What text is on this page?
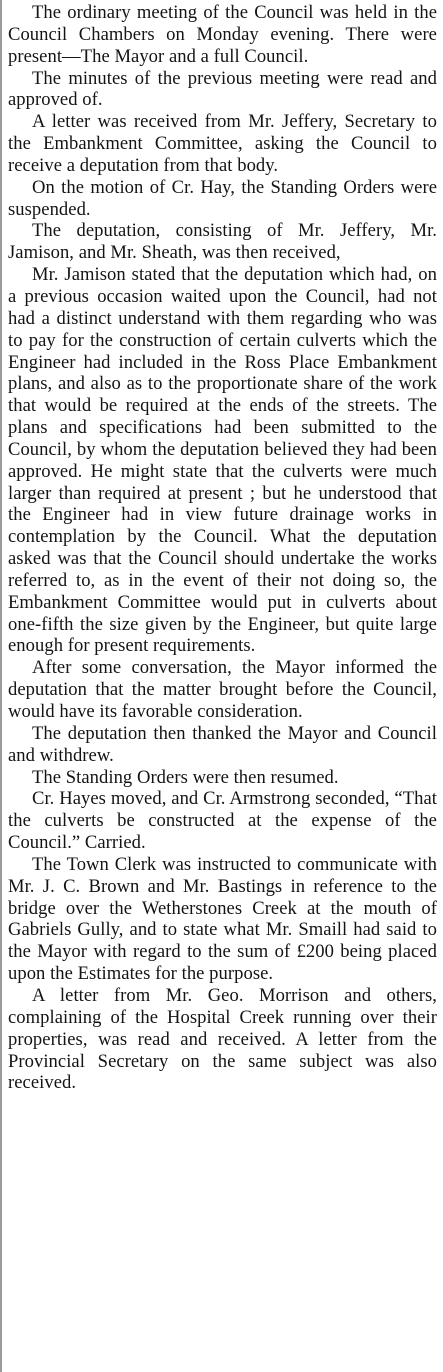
The ordinary meeting of the Council was held in the Council Chambers on Monday evening. There were present—The Mayor and a full Council.

The minutes of the previous meeting were read and approved of.

A letter was received from Mr. Jeffery, Secretary to the Embankment Committee, asking the Council to receive a deputation from that body.

On the motion of Cr. Hay, the Standing Orders were suspended.

The deputation, consisting of Mr. Jeffery, Mr. Jamison, and Mr. Sheath, was then received,

Mr. Jamison stated that the deputation which had, on a previous occasion waited upon the Council, had not had a distinct understand with them regarding who was to pay for the construction of certain culverts which the Engineer had included in the Ross Place Embankment plans, and also as to the proportionate share of the work that would be required at the ends of the streets. The plans and specifications had been submitted to the Council, by whom the deputation believed they had been approved. He might state that the culverts were much larger than required at present ; but he understood that the Engineer had in view future drainage works in contemplation by the Council. What the deputation asked was that the Council should undertake the works referred to, as in the event of their not doing so, the Embankment Committee would put in culverts about one-fifth the size given by the Engineer, but quite large enough for present requirements.

After some conversation, the Mayor informed the deputation that the matter brought before the Council, would have its favorable consideration.

The deputation then thanked the Mayor and Council and withdrew.

The Standing Orders were then resumed.

Cr. Hayes moved, and Cr. Armstrong seconded, “That the culverts be constructed at the expense of the Council.” Carried.

The Town Clerk was instructed to communicate with Mr. J. C. Brown and Mr. Bastings in reference to the bridge over the Wetherstones Creek at the mouth of Gabriels Gully, and to state what Mr. Smaill had said to the Mayor with regard to the sum of £200 being placed upon the Estimates for the purpose.

A letter from Mr. Geo. Morrison and others, complaining of the Hospital Creek running over their properties, was read and received. A letter from the Provincial Secretary on the same subject was also received.
